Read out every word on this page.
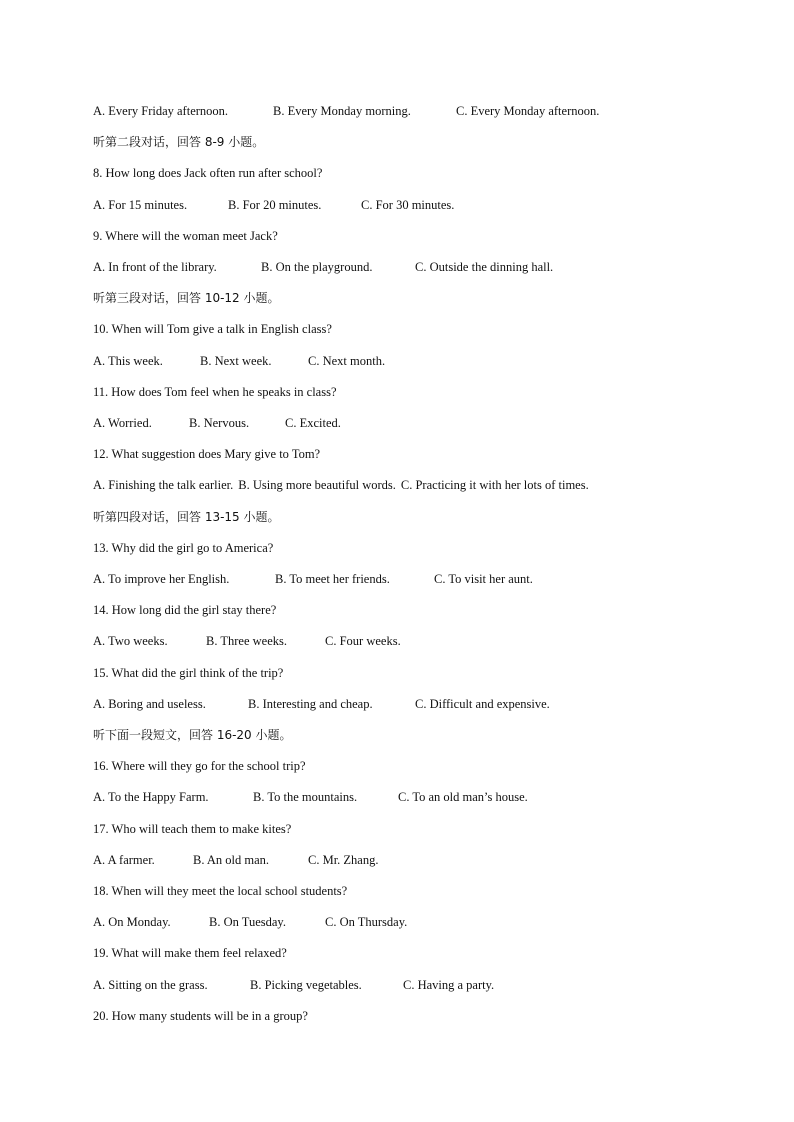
A. Every Friday afternoon.	B. Every Monday morning.	C. Every Monday afternoon.
听第二段对话，回答 8-9 小题。
8. How long does Jack often run after school?
A. For 15 minutes.	B. For 20 minutes.	C. For 30 minutes.
9. Where will the woman meet Jack?
A. In front of the library.	B. On the playground.	C. Outside the dinning hall.
听第三段对话，回答 10-12 小题。
10. When will Tom give a talk in English class?
A. This week.	B. Next week.	C. Next month.
11. How does Tom feel when he speaks in class?
A. Worried.	B. Nervous.	C. Excited.
12. What suggestion does Mary give to Tom?
A. Finishing the talk earlier. B. Using more beautiful words. C. Practicing it with her lots of times.
听第四段对话，回答 13-15 小题。
13. Why did the girl go to America?
A. To improve her English.	B. To meet her friends.	C. To visit her aunt.
14. How long did the girl stay there?
A. Two weeks.	B. Three weeks.	C. Four weeks.
15. What did the girl think of the trip?
A. Boring and useless.	B. Interesting and cheap.	C. Difficult and expensive.
听下面一段短文，回答 16-20 小题。
16. Where will they go for the school trip?
A. To the Happy Farm.	B. To the mountains.	C. To an old man’s house.
17. Who will teach them to make kites?
A. A farmer.	B. An old man.	C. Mr. Zhang.
18. When will they meet the local school students?
A. On Monday.	B. On Tuesday.	C. On Thursday.
19. What will make them feel relaxed?
A. Sitting on the grass.	B. Picking vegetables.	C. Having a party.
20. How many students will be in a group?
